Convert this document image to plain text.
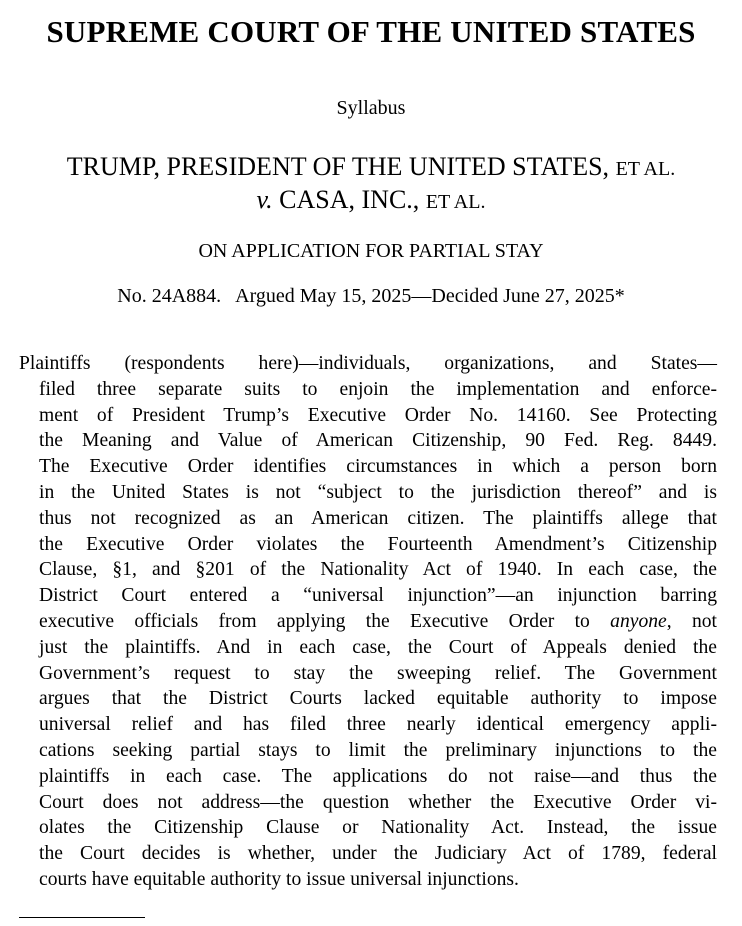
SUPREME COURT OF THE UNITED STATES
Syllabus
TRUMP, PRESIDENT OF THE UNITED STATES, ET AL.
v. CASA, INC., ET AL.
ON APPLICATION FOR PARTIAL STAY
No. 24A884. Argued May 15, 2025—Decided June 27, 2025*
Plaintiffs (respondents here)—individuals, organizations, and States—
filed three separate suits to enjoin the implementation and enforce-
ment of President Trump’s Executive Order No. 14160. See Protecting
the Meaning and Value of American Citizenship, 90 Fed. Reg. 8449.
The Executive Order identifies circumstances in which a person born
in the United States is not “subject to the jurisdiction thereof” and is
thus not recognized as an American citizen. The plaintiffs allege that
the Executive Order violates the Fourteenth Amendment’s Citizenship
Clause, §1, and §201 of the Nationality Act of 1940. In each case, the
District Court entered a “universal injunction”—an injunction barring
executive officials from applying the Executive Order to anyone, not
just the plaintiffs. And in each case, the Court of Appeals denied the
Government’s request to stay the sweeping relief. The Government
argues that the District Courts lacked equitable authority to impose
universal relief and has filed three nearly identical emergency appli-
cations seeking partial stays to limit the preliminary injunctions to the
plaintiffs in each case. The applications do not raise—and thus the
Court does not address—the question whether the Executive Order vi-
olates the Citizenship Clause or Nationality Act. Instead, the issue
the Court decides is whether, under the Judiciary Act of 1789, federal
courts have equitable authority to issue universal injunctions.
